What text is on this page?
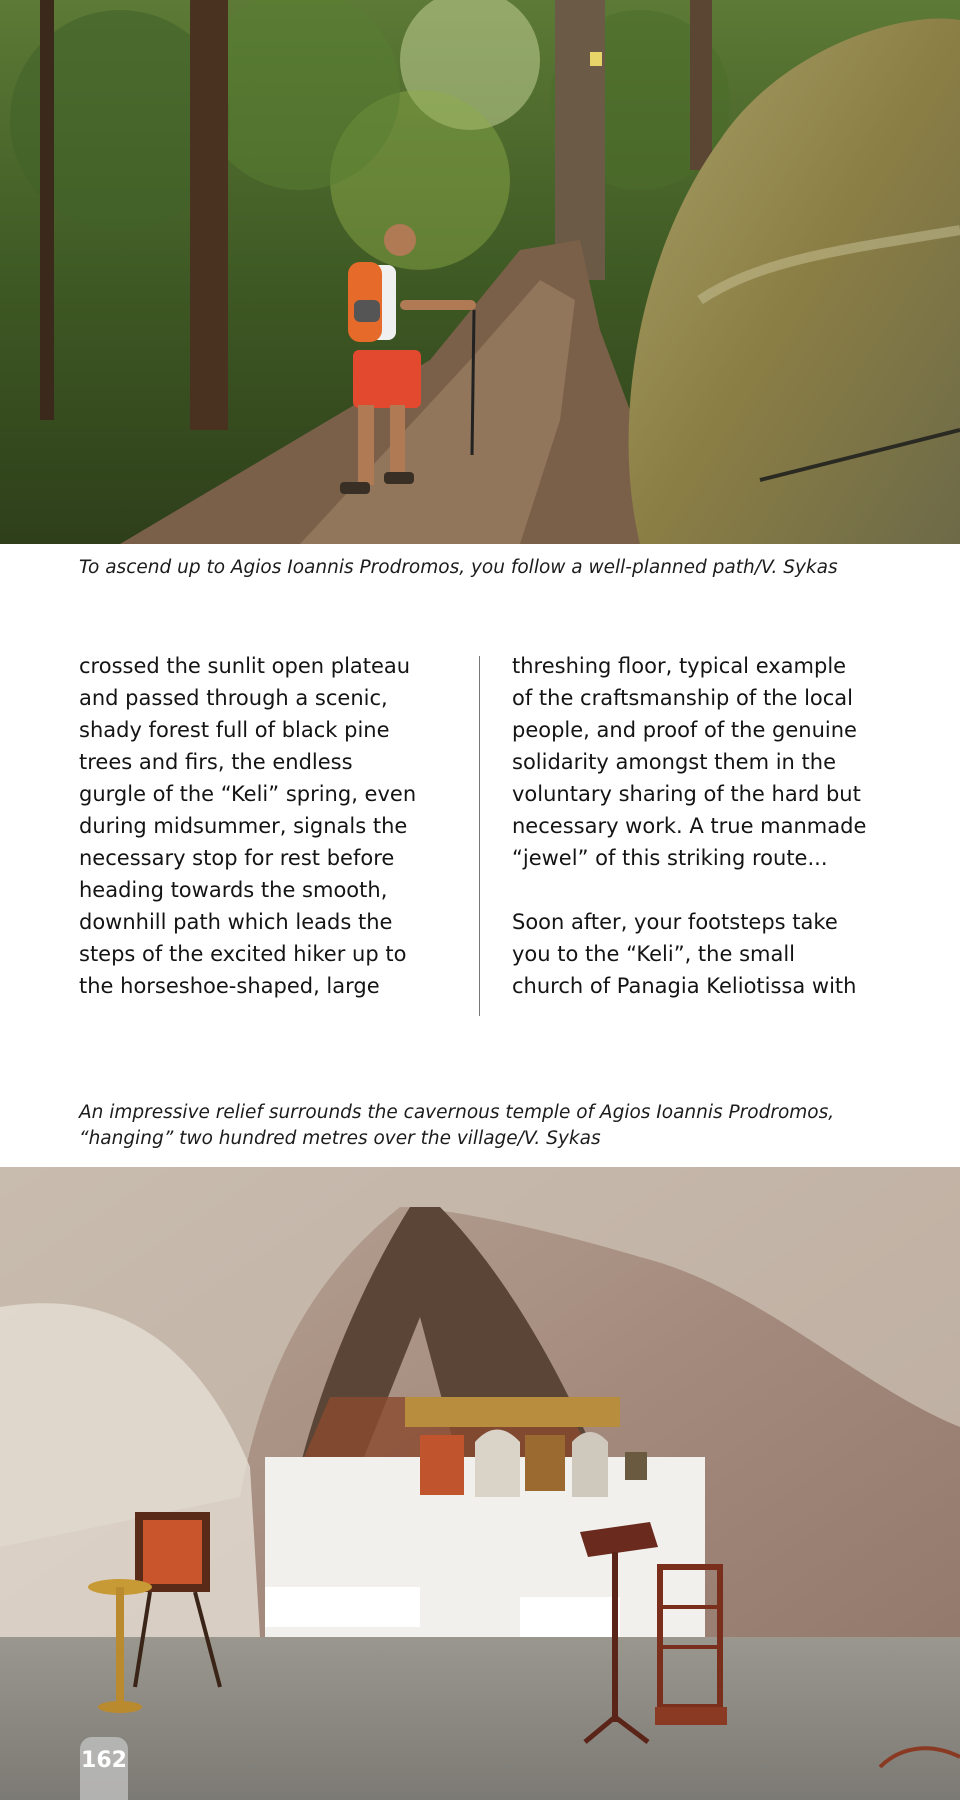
To ascend up to Agios Ioannis Prodromos, you follow a well-planned path/V. Sykas

crossed the sunlit open plateau
and passed through a scenic,
shady forest full of black pine
trees and firs, the endless
gurgle of the “Keli” spring, even
during midsummer, signals the
necessary stop for rest before
heading towards the smooth,
downhill path which leads the
steps of the excited hiker up to
the horseshoe-shaped, large

threshing floor, typical example
of the craftsmanship of the local
people, and proof of the genuine
solidarity amongst them in the
voluntary sharing of the hard but
necessary work. A true manmade
“jewel” of this striking route...

Soon after, your footsteps take
you to the “Keli”, the small
church of Panagia Keliotissa with

An impressive relief surrounds the cavernous temple of Agios Ioannis Prodromos, “hanging” two hundred metres over the village/V. Sykas
162
